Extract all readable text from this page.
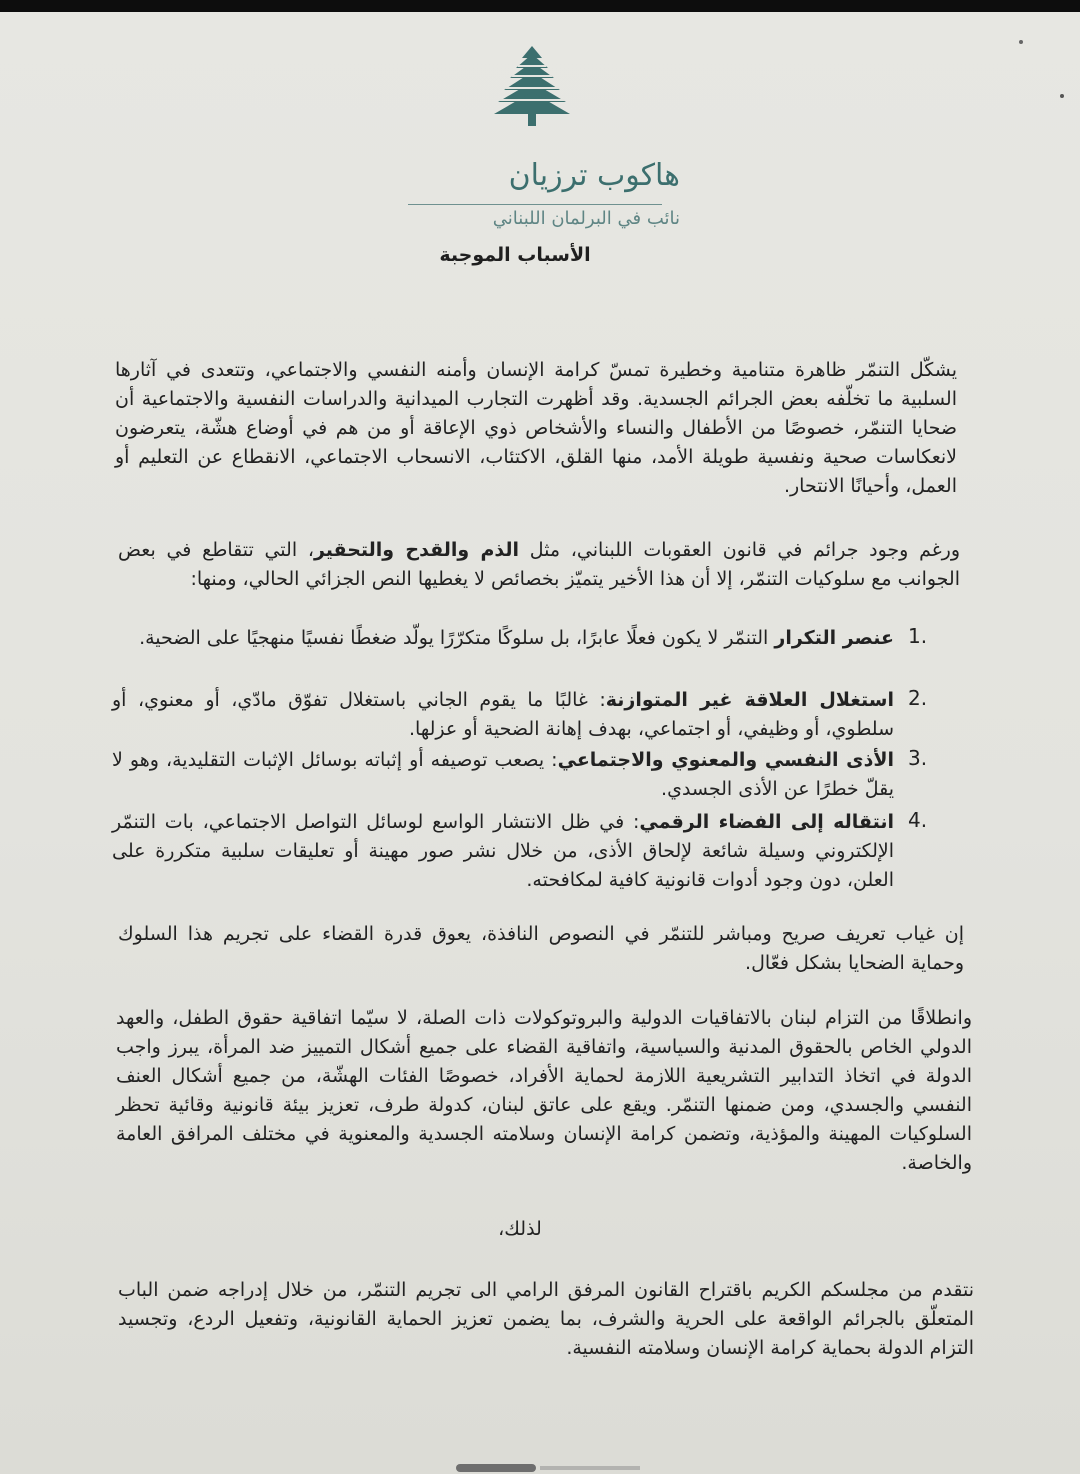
هاكوب ترزيان
نائب في البرلمان اللبناني
الأسباب الموجبة
يشكّل التنمّر ظاهرة متنامية وخطيرة تمسّ كرامة الإنسان وأمنه النفسي والاجتماعي، وتتعدى في آثارها السلبية ما تخلّفه بعض الجرائم الجسدية. وقد أظهرت التجارب الميدانية والدراسات النفسية والاجتماعية أن ضحايا التنمّر، خصوصًا من الأطفال والنساء والأشخاص ذوي الإعاقة أو من هم في أوضاع هشّة، يتعرضون لانعكاسات صحية ونفسية طويلة الأمد، منها القلق، الاكتئاب، الانسحاب الاجتماعي، الانقطاع عن التعليم أو العمل، وأحيانًا الانتحار.
ورغم وجود جرائم في قانون العقوبات اللبناني، مثل الذم والقدح والتحقير، التي تتقاطع في بعض الجوانب مع سلوكيات التنمّر، إلا أن هذا الأخير يتميّز بخصائص لا يغطيها النص الجزائي الحالي، ومنها:
1.
عنصر التكرار التنمّر لا يكون فعلًا عابرًا، بل سلوكًا متكرّرًا يولّد ضغطًا نفسيًا منهجيًا على الضحية.
2.
استغلال العلاقة غير المتوازنة: غالبًا ما يقوم الجاني باستغلال تفوّق مادّي، أو معنوي، أو سلطوي، أو وظيفي، أو اجتماعي، بهدف إهانة الضحية أو عزلها.
3.
الأذى النفسي والمعنوي والاجتماعي: يصعب توصيفه أو إثباته بوسائل الإثبات التقليدية، وهو لا يقلّ خطرًا عن الأذى الجسدي.
4.
انتقاله إلى الفضاء الرقمي: في ظل الانتشار الواسع لوسائل التواصل الاجتماعي، بات التنمّر الإلكتروني وسيلة شائعة لإلحاق الأذى، من خلال نشر صور مهينة أو تعليقات سلبية متكررة على العلن، دون وجود أدوات قانونية كافية لمكافحته.
إن غياب تعريف صريح ومباشر للتنمّر في النصوص النافذة، يعوق قدرة القضاء على تجريم هذا السلوك وحماية الضحايا بشكل فعّال.
وانطلاقًا من التزام لبنان بالاتفاقيات الدولية والبروتوكولات ذات الصلة، لا سيّما اتفاقية حقوق الطفل، والعهد الدولي الخاص بالحقوق المدنية والسياسية، واتفاقية القضاء على جميع أشكال التمييز ضد المرأة، يبرز واجب الدولة في اتخاذ التدابير التشريعية اللازمة لحماية الأفراد، خصوصًا الفئات الهشّة، من جميع أشكال العنف النفسي والجسدي، ومن ضمنها التنمّر. ويقع على عاتق لبنان، كدولة طرف، تعزيز بيئة قانونية وقائية تحظر السلوكيات المهينة والمؤذية، وتضمن كرامة الإنسان وسلامته الجسدية والمعنوية في مختلف المرافق العامة والخاصة.
لذلك،
نتقدم من مجلسكم الكريم باقتراح القانون المرفق الرامي الى تجريم التنمّر، من خلال إدراجه ضمن الباب المتعلّق بالجرائم الواقعة على الحرية والشرف، بما يضمن تعزيز الحماية القانونية، وتفعيل الردع، وتجسيد التزام الدولة بحماية كرامة الإنسان وسلامته النفسية.
